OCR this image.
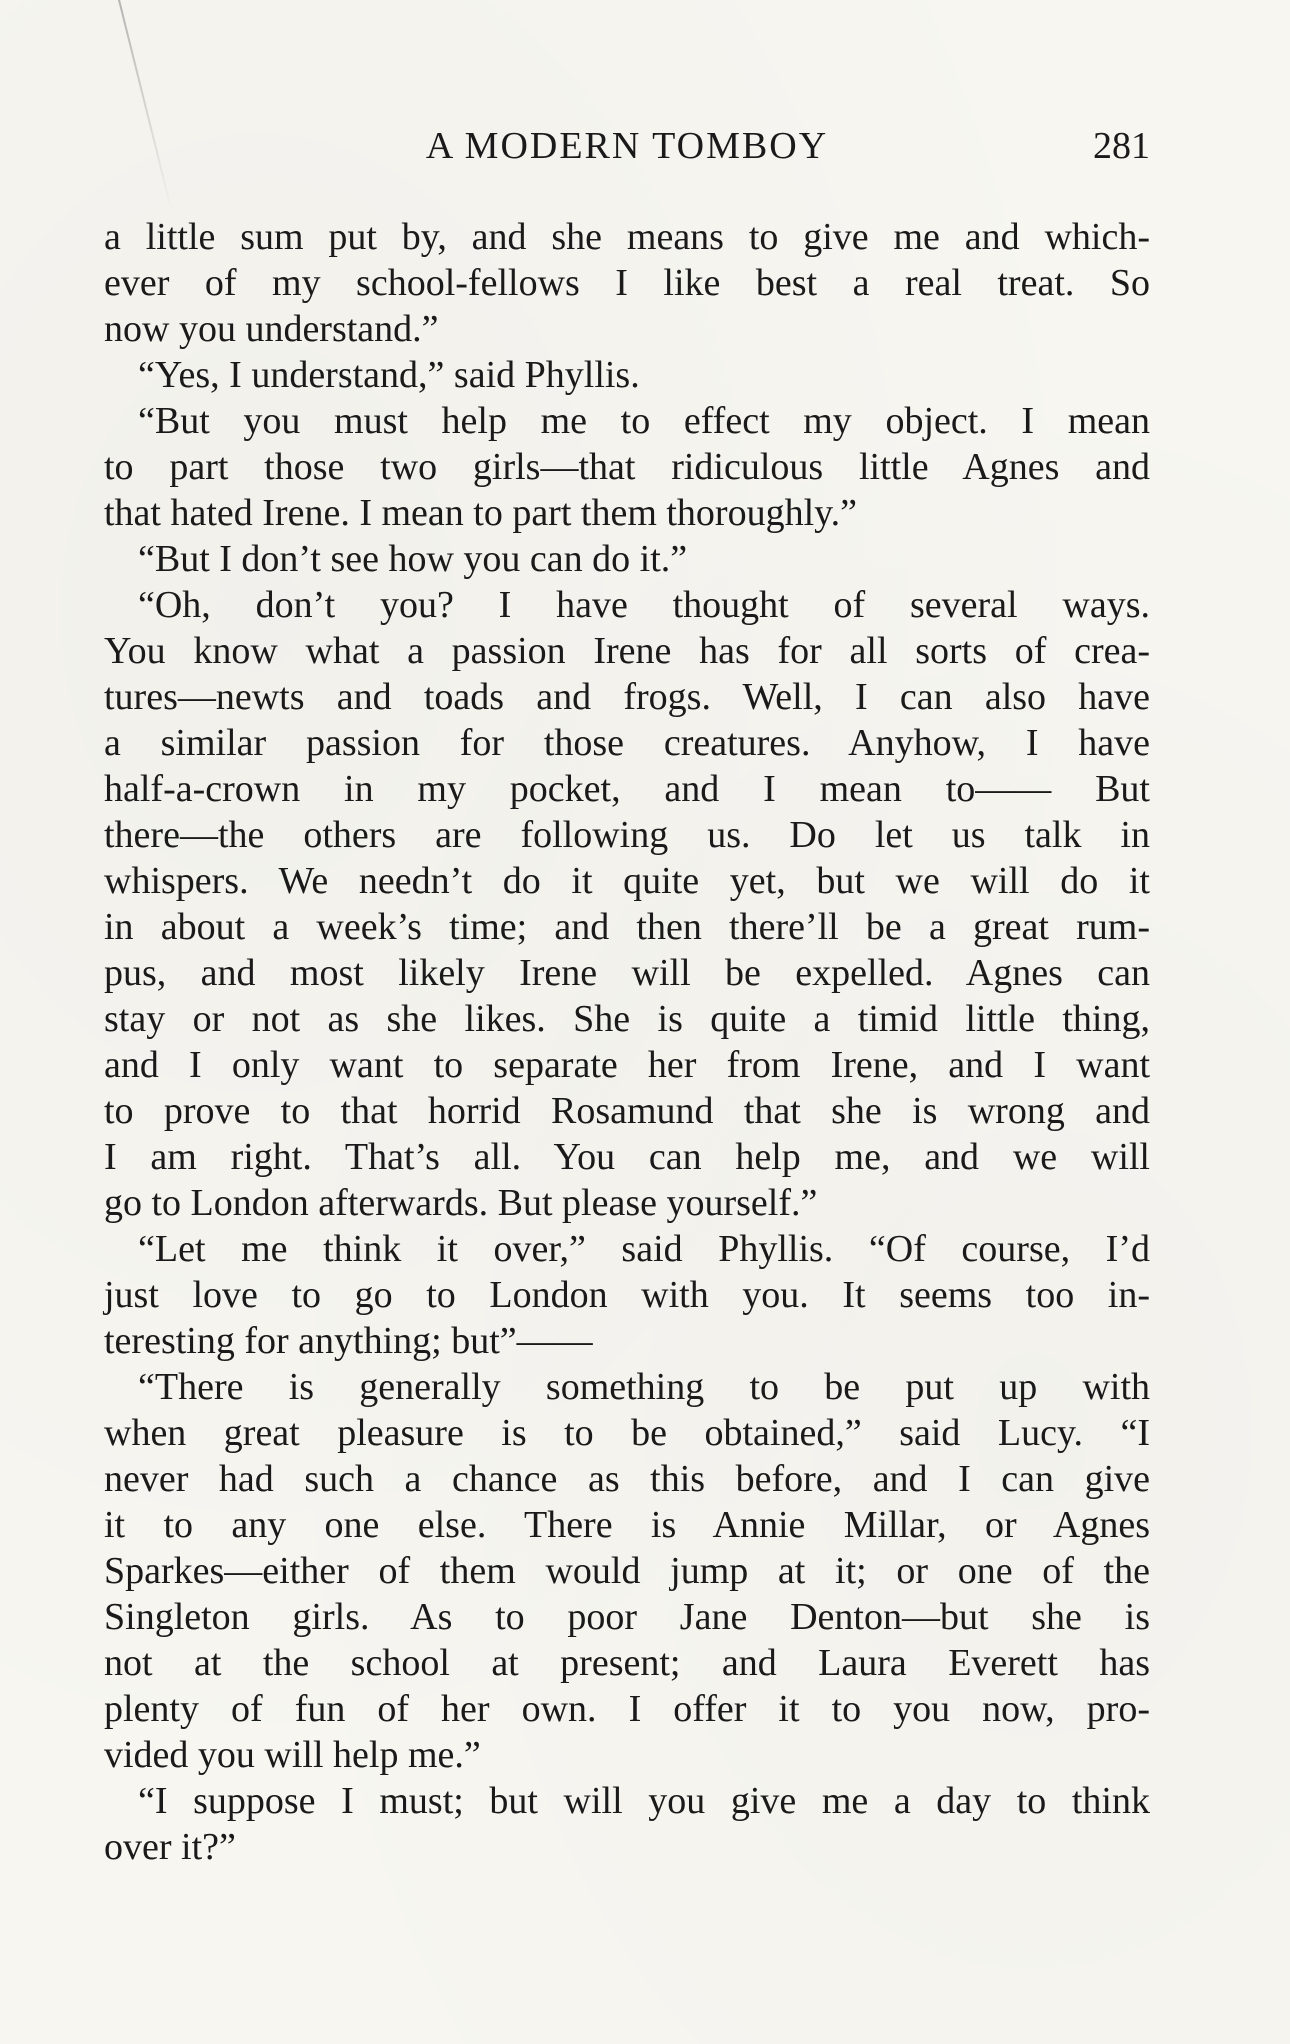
A MODERN TOMBOY	281
a little sum put by, and she means to give me and which-
ever of my school-fellows I like best a real treat. So
now you understand.”
“Yes, I understand,” said Phyllis.
“But you must help me to effect my object. I mean
to part those two girls—that ridiculous little Agnes and
that hated Irene. I mean to part them thoroughly.”
“But I don’t see how you can do it.”
“Oh, don’t you? I have thought of several ways.
You know what a passion Irene has for all sorts of crea-
tures—newts and toads and frogs. Well, I can also have
a similar passion for those creatures. Anyhow, I have
half-a-crown in my pocket, and I mean to—— But
there—the others are following us. Do let us talk in
whispers. We needn’t do it quite yet, but we will do it
in about a week’s time; and then there’ll be a great rum-
pus, and most likely Irene will be expelled. Agnes can
stay or not as she likes. She is quite a timid little thing,
and I only want to separate her from Irene, and I want
to prove to that horrid Rosamund that she is wrong and
I am right. That’s all. You can help me, and we will
go to London afterwards. But please yourself.”
“Let me think it over,” said Phyllis. “Of course, I’d
just love to go to London with you. It seems too in-
teresting for anything; but”——
“There is generally something to be put up with
when great pleasure is to be obtained,” said Lucy. “I
never had such a chance as this before, and I can give
it to any one else. There is Annie Millar, or Agnes
Sparkes—either of them would jump at it; or one of the
Singleton girls. As to poor Jane Denton—but she is
not at the school at present; and Laura Everett has
plenty of fun of her own. I offer it to you now, pro-
vided you will help me.”
“I suppose I must; but will you give me a day to think
over it?”
